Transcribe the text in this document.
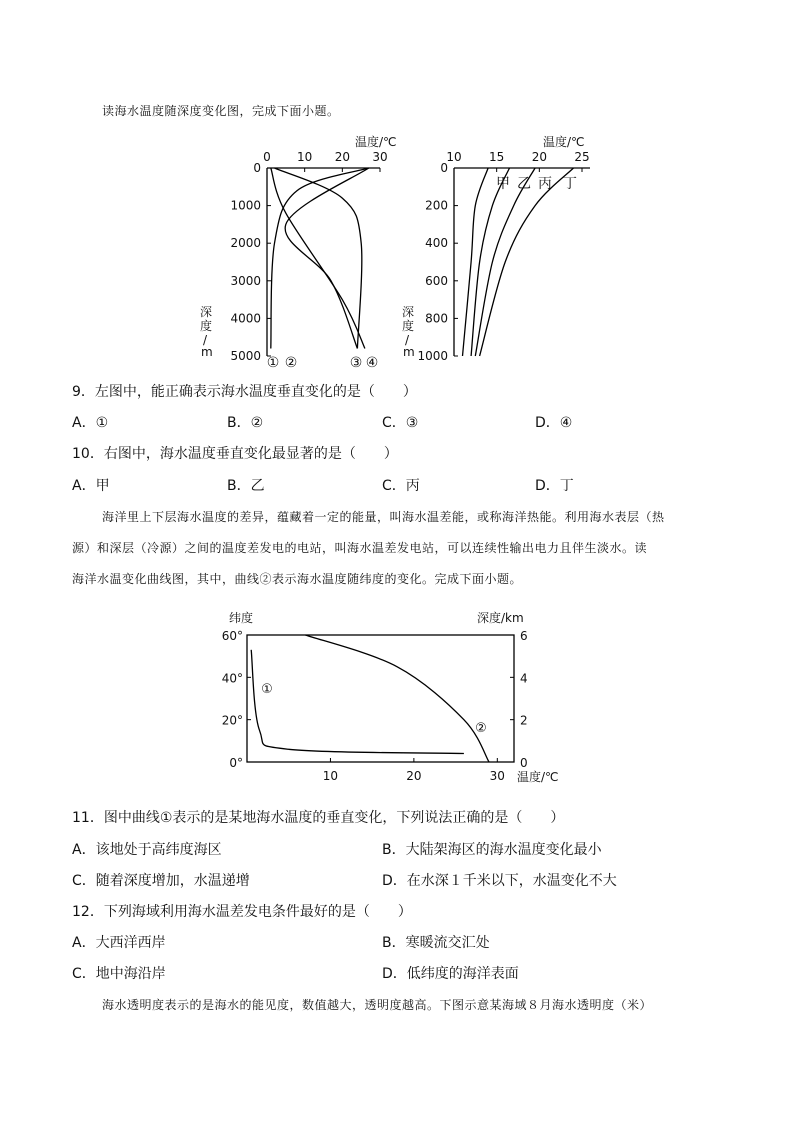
读海水温度随深度变化图，完成下面小题。
温度/℃
0 10 20 30
0
1000
2000
3000
4000
5000
深
度
/
m
① ②	③ ④
温度/℃
10 15 20 25
0
200
400
600
800
1000
深
度
/
m
甲 乙 丙 丁
9．左图中，能正确表示海水温度垂直变化的是（　　）
A．①	B．②	C．③	D．④
10．右图中，海水温度垂直变化最显著的是（　　）
A．甲	B．乙	C．丙	D．丁
海洋里上下层海水温度的差异，蕴藏着一定的能量，叫海水温差能，或称海洋热能。利用海水表层（热
源）和深层（冷源）之间的温度差发电的电站，叫海水温差发电站，可以连续性输出电力且伴生淡水。读
海洋水温变化曲线图，其中，曲线②表示海水温度随纬度的变化。完成下面小题。
纬度	深度/km
温度/℃
10	20	30
0°
20°
40°
60°
0
2
4
6
①
②
11．图中曲线①表示的是某地海水温度的垂直变化，下列说法正确的是（　　）
A．该地处于高纬度海区	B．大陆架海区的海水温度变化最小
C．随着深度增加，水温递增	D．在水深１千米以下，水温变化不大
12．下列海域利用海水温差发电条件最好的是（　　）
A．大西洋西岸	B．寒暖流交汇处
C．地中海沿岸	D．低纬度的海洋表面
海水透明度表示的是海水的能见度，数值越大，透明度越高。下图示意某海域８月海水透明度（米）
